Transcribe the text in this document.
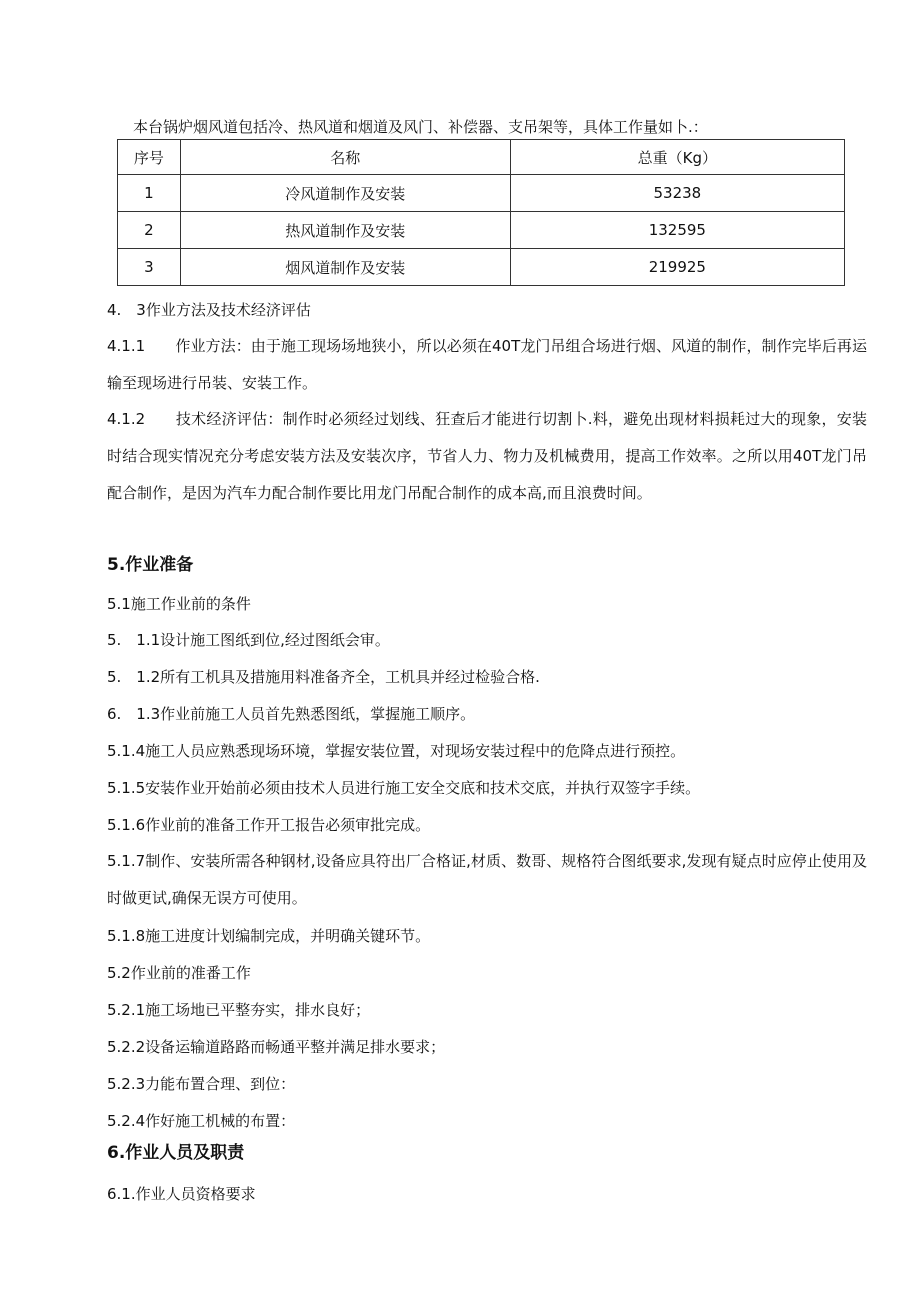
本台锅炉烟风道包括冷、热风道和烟道及风门、补偿器、支吊架等，具体工作量如卜.：

序号	名称	总重（Kg）
1	冷风道制作及安装	53238
2	热风道制作及安装	132595
3	烟风道制作及安装	219925

4.　3作业方法及技术经济评估

4.1.1　　作业方法：由于施工现场场地狭小，所以必须在40T龙门吊组合场进行烟、风道的制作，制作完毕后再运输至现场进行吊装、安装工作。

4.1.2　　技术经济评估：制作时必须经过划线、狂查后才能进行切割卜.料，避免出现材料损耗过大的现象，安装时结合现实情况充分考虑安装方法及安装次序，节省人力、物力及机械费用，提高工作效率。之所以用40T龙门吊配合制作，是因为汽车力配合制作要比用龙门吊配合制作的成本高,而且浪费时间。

5.作业准备

5.1施工作业前的条件

5.　1.1设计施工图纸到位,经过图纸会审。

5.　1.2所有工机具及措施用料准备齐全，工机具并经过检验合格.

6.　1.3作业前施工人员首先熟悉图纸，掌握施工顺序。

5.1.4施工人员应熟悉现场环境，掌握安装位置，对现场安装过程中的危降点进行预控。

5.1.5安装作业开始前必须由技术人员进行施工安全交底和技术交底，并执行双签字手续。

5.1.6作业前的准备工作开工报告必须审批完成。

5.1.7制作、安装所需各种钢材,设备应具符出厂合格证,材质、数哥、规格符合图纸要求,发现有疑点时应停止使用及时做更试,确保无误方可使用。

5.1.8施工进度计划编制完成，并明确关键环节。

5.2作业前的准番工作

5.2.1施工场地已平整夯实，排水良好；

5.2.2设备运输道路路而畅通平整并满足排水要求；

5.2.3力能布置合理、到位：

5.2.4作好施工机械的布置：

6.作业人员及职责

6.1.作业人员资格要求
